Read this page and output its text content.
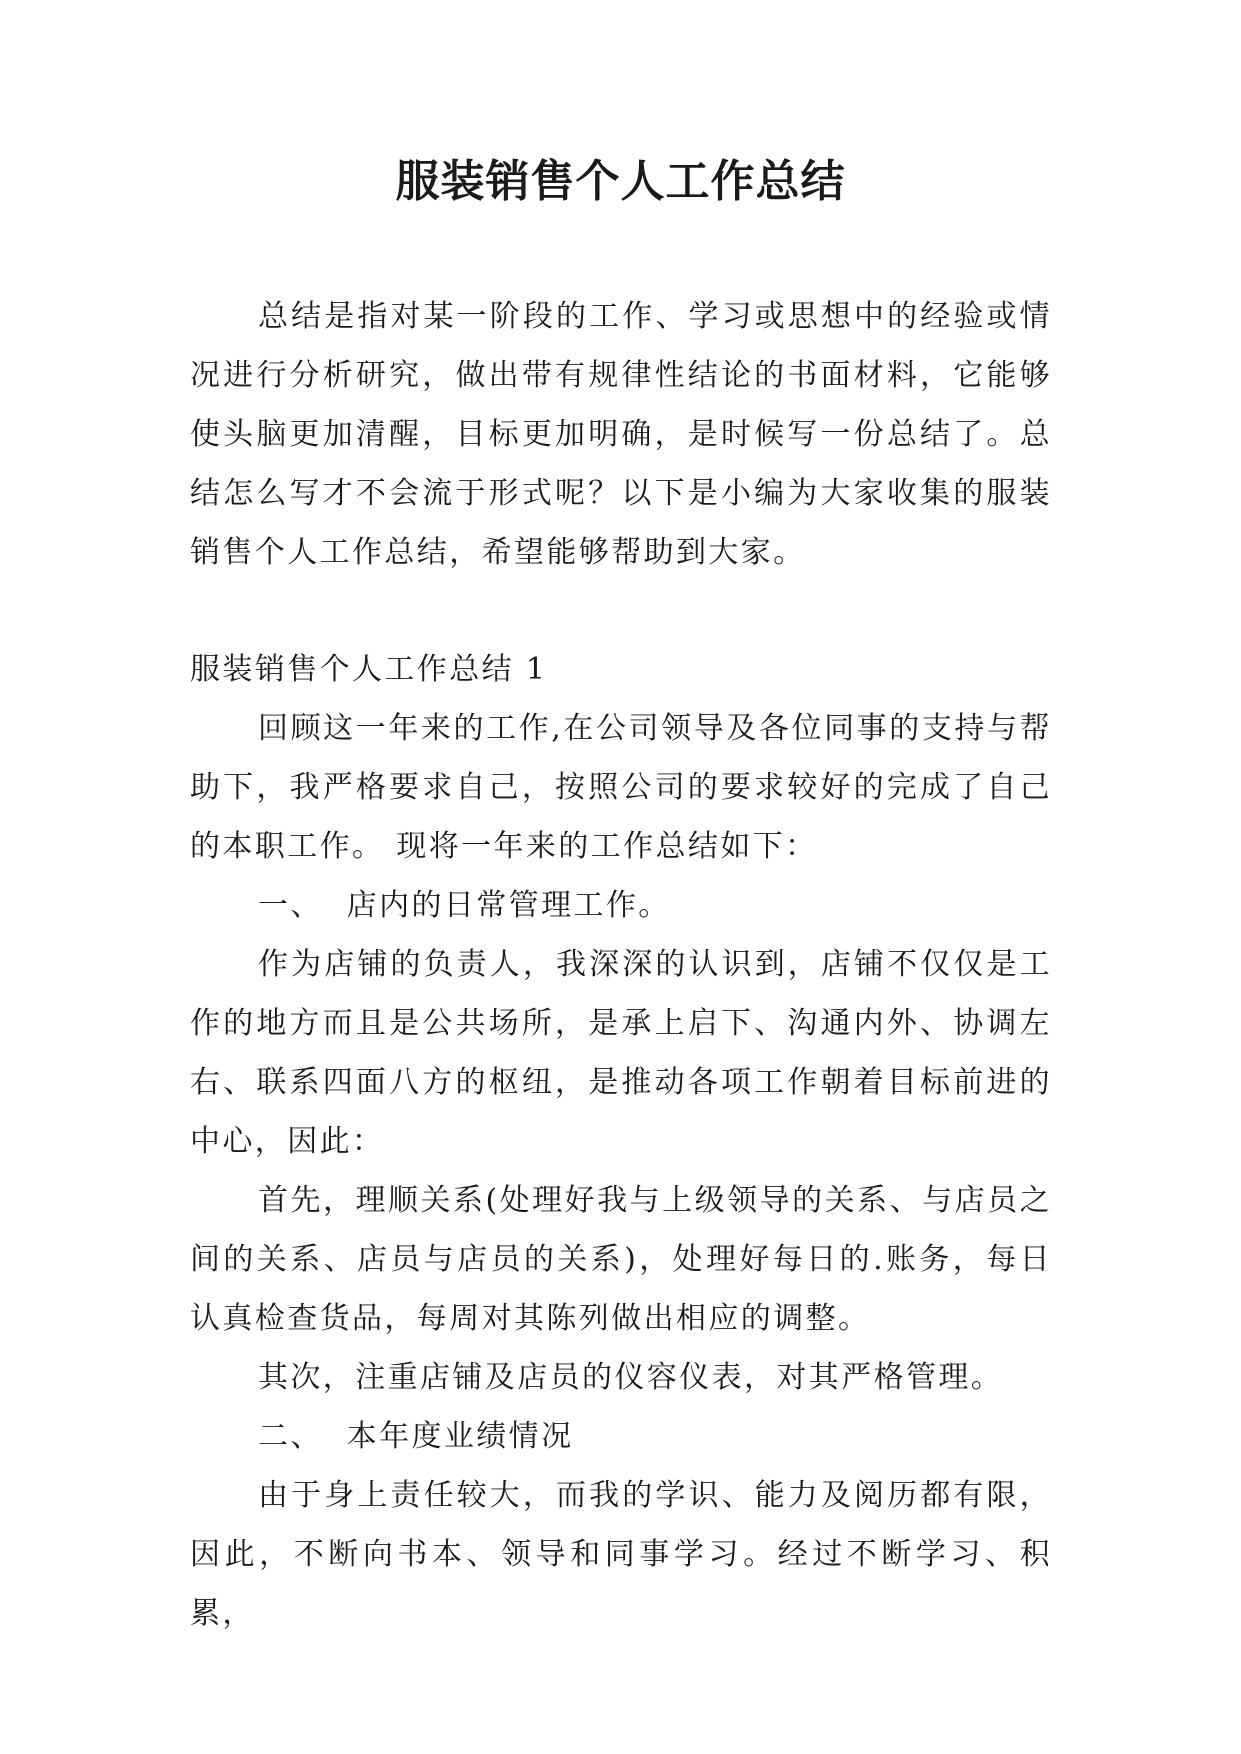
服装销售个人工作总结

总结是指对某一阶段的工作、学习或思想中的经验或情况进行分析研究，做出带有规律性结论的书面材料，它能够使头脑更加清醒，目标更加明确，是时候写一份总结了。总结怎么写才不会流于形式呢？以下是小编为大家收集的服装销售个人工作总结，希望能够帮助到大家。

服装销售个人工作总结 1

回顾这一年来的工作,在公司领导及各位同事的支持与帮助下，我严格要求自己，按照公司的要求较好的完成了自己的本职工作。 现将一年来的工作总结如下：

一、  店内的日常管理工作。

作为店铺的负责人，我深深的认识到，店铺不仅仅是工作的地方而且是公共场所，是承上启下、沟通内外、协调左右、联系四面八方的枢纽，是推动各项工作朝着目标前进的中心，因此：

首先，理顺关系(处理好我与上级领导的关系、与店员之间的关系、店员与店员的关系)，处理好每日的.账务，每日认真检查货品，每周对其陈列做出相应的调整。

其次，注重店铺及店员的仪容仪表，对其严格管理。

二、  本年度业绩情况

由于身上责任较大，而我的学识、能力及阅历都有限，因此，不断向书本、领导和同事学习。经过不断学习、积累，
